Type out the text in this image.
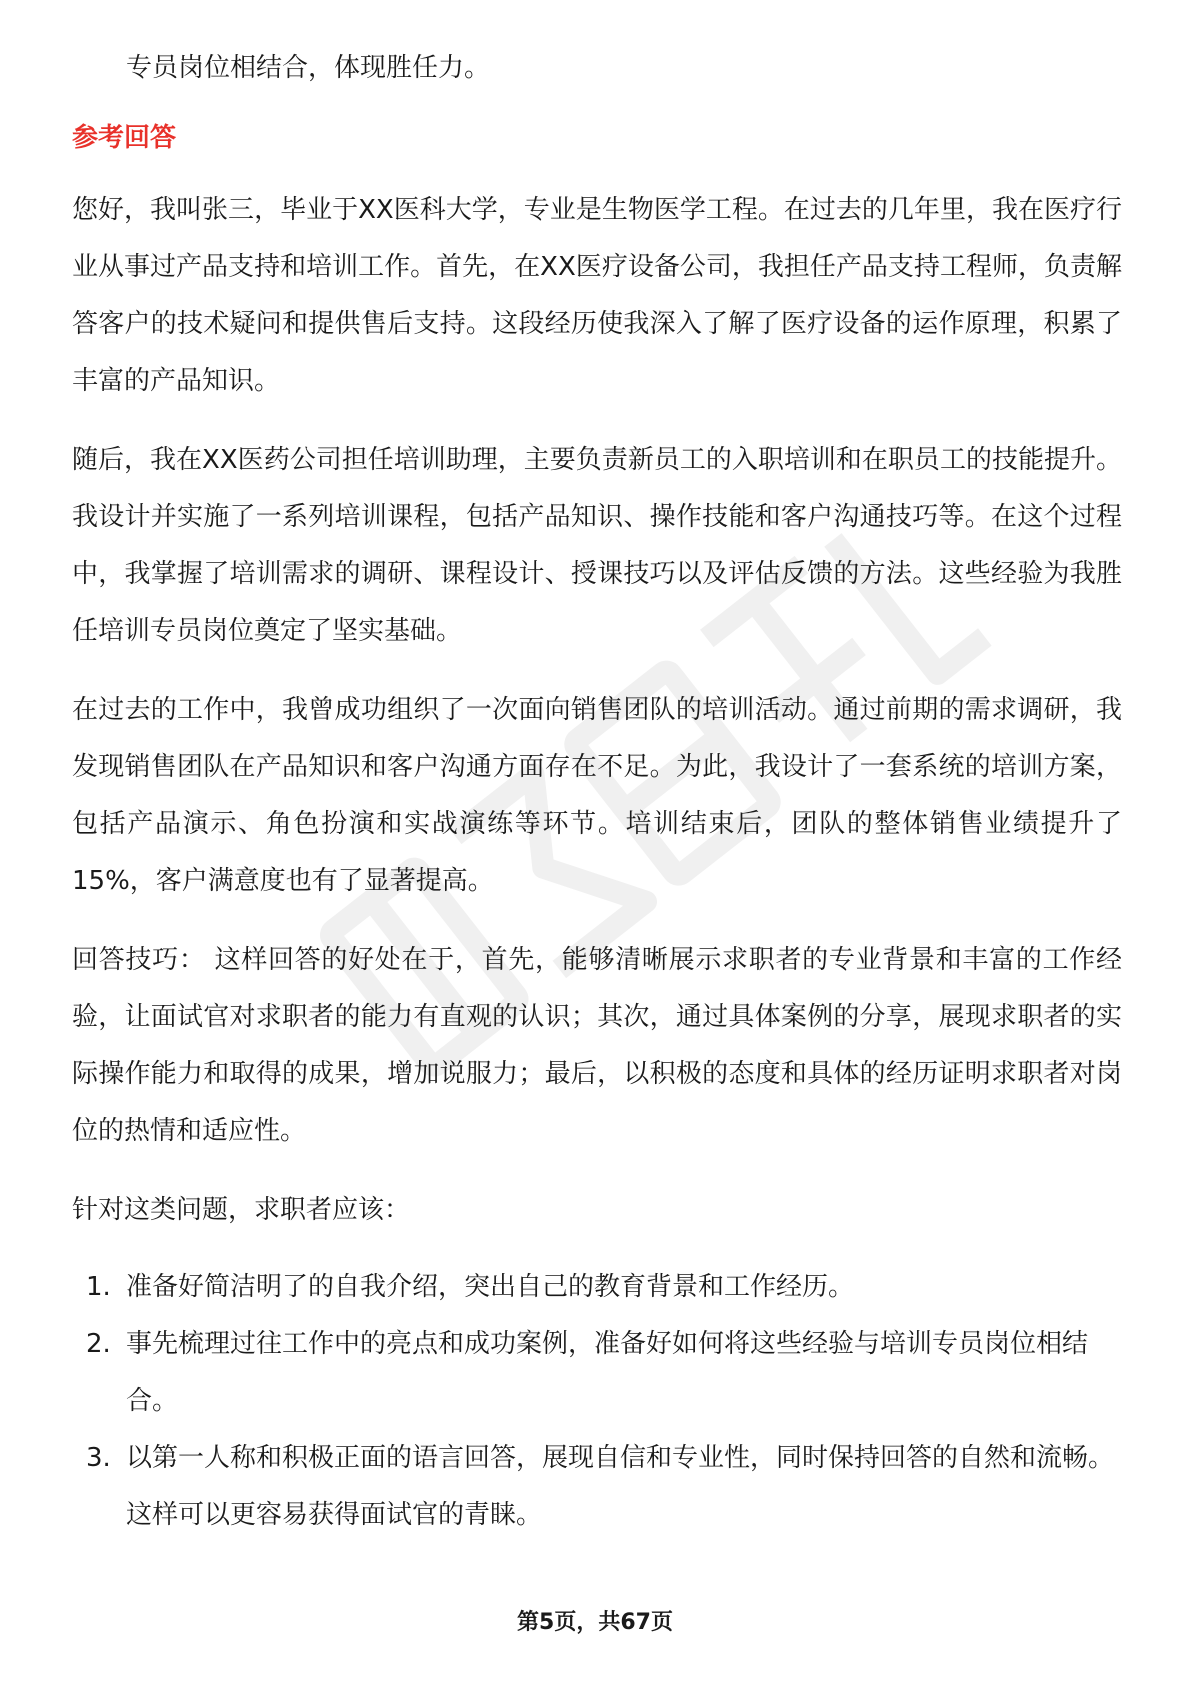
专员岗位相结合，体现胜任力。

参考回答

您好，我叫张三，毕业于XX医科大学，专业是生物医学工程。在过去的几年里，我在医疗行业从事过产品支持和培训工作。首先，在XX医疗设备公司，我担任产品支持工程师，负责解答客户的技术疑问和提供售后支持。这段经历使我深入了解了医疗设备的运作原理，积累了丰富的产品知识。

随后，我在XX医药公司担任培训助理，主要负责新员工的入职培训和在职员工的技能提升。我设计并实施了一系列培训课程，包括产品知识、操作技能和客户沟通技巧等。在这个过程中，我掌握了培训需求的调研、课程设计、授课技巧以及评估反馈的方法。这些经验为我胜任培训专员岗位奠定了坚实基础。

在过去的工作中，我曾成功组织了一次面向销售团队的培训活动。通过前期的需求调研，我发现销售团队在产品知识和客户沟通方面存在不足。为此，我设计了一套系统的培训方案，包括产品演示、角色扮演和实战演练等环节。培训结束后，团队的整体销售业绩提升了15%，客户满意度也有了显著提高。

回答技巧： 这样回答的好处在于，首先，能够清晰展示求职者的专业背景和丰富的工作经验，让面试官对求职者的能力有直观的认识；其次，通过具体案例的分享，展现求职者的实际操作能力和取得的成果，增加说服力；最后，以积极的态度和具体的经历证明求职者对岗位的热情和适应性。

针对这类问题，求职者应该：

1. 准备好简洁明了的自我介绍，突出自己的教育背景和工作经历。
2. 事先梳理过往工作中的亮点和成功案例，准备好如何将这些经验与培训专员岗位相结合。
3. 以第一人称和积极正面的语言回答，展现自信和专业性，同时保持回答的自然和流畅。这样可以更容易获得面试官的青睐。
第5页，共67页
